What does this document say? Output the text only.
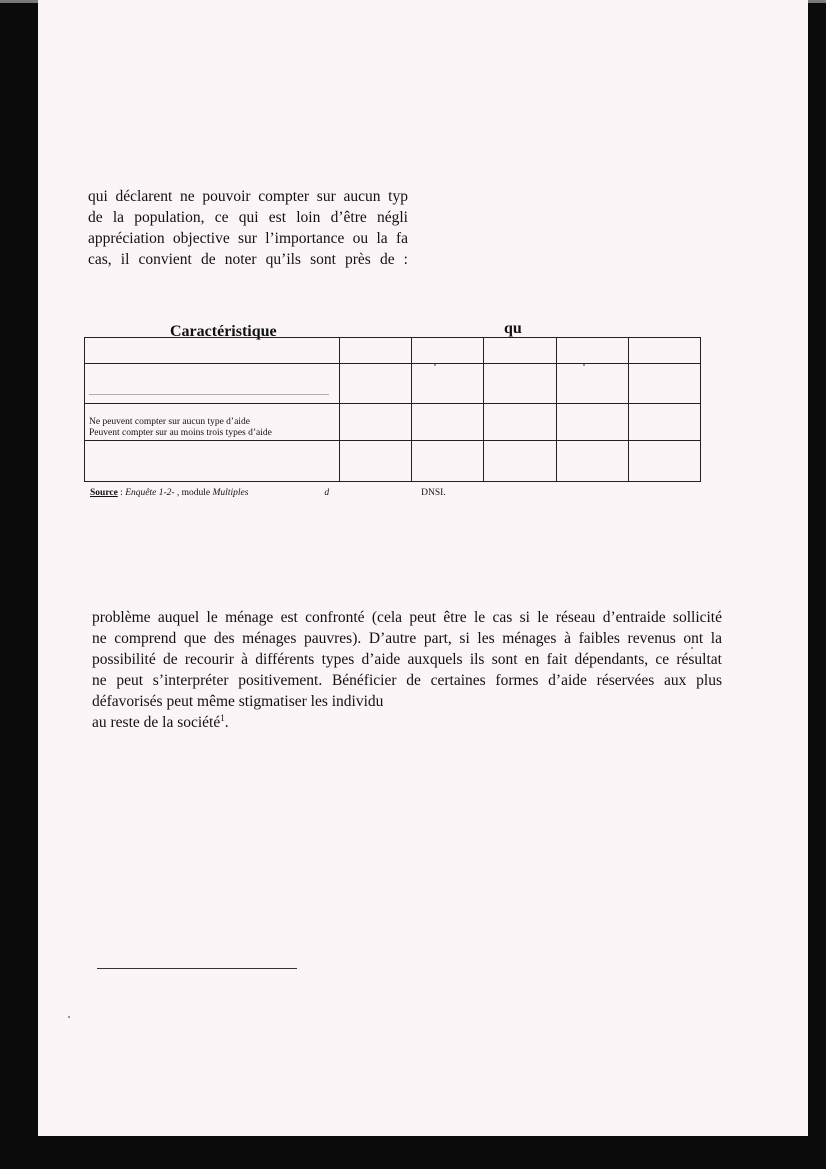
qui déclarent ne pouvoir compter sur aucun typ
de la population, ce qui est loin d’être négli
appréciation objective sur l’importance ou la fa
cas, il convient de noter qu’ils sont près de :
Caractéristique	qu

Ne peuvent compter sur aucun type d’aide
Peuvent compter sur au moins trois types d’aide					

Source : Enquête 1-2- , module Multiples	d	DNSI.
problème auquel le ménage est confronté (cela peut être le cas si le réseau d’entraide sollicité
ne comprend que des ménages pauvres). D’autre part, si les ménages à faibles revenus ont la
possibilité de recourir à différents types d’aide auxquels ils sont en fait dépendants, ce résultat
ne peut s’interpréter positivement. Bénéficier de certaines formes d’aide réservées aux plus
défavorisés peut même stigmatiser les individu
au reste de la société$^1$.
